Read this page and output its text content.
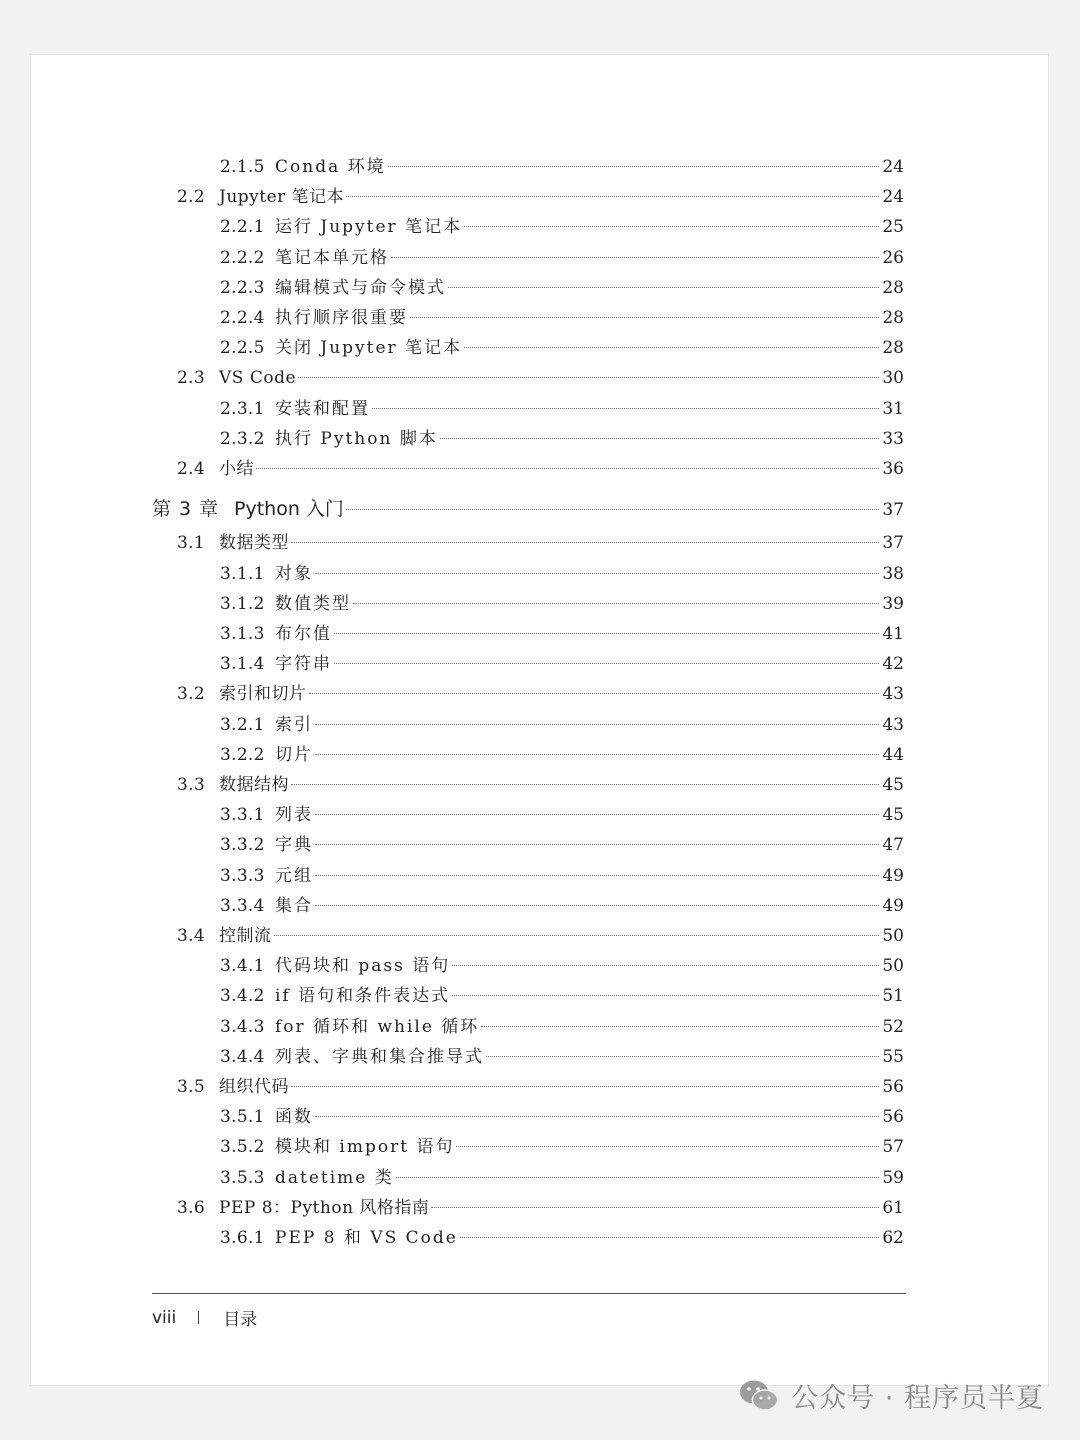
2.1.5 Conda 环境	24
2.2 Jupyter 笔记本	24
2.2.1 运行 Jupyter 笔记本	25
2.2.2 笔记本单元格	26
2.2.3 编辑模式与命令模式	28
2.2.4 执行顺序很重要	28
2.2.5 关闭 Jupyter 笔记本	28
2.3 VS Code	30
2.3.1 安装和配置	31
2.3.2 执行 Python 脚本	33
2.4 小结	36
第 3 章 Python 入门	37
3.1 数据类型	37
3.1.1 对象	38
3.1.2 数值类型	39
3.1.3 布尔值	41
3.1.4 字符串	42
3.2 索引和切片	43
3.2.1 索引	43
3.2.2 切片	44
3.3 数据结构	45
3.3.1 列表	45
3.3.2 字典	47
3.3.3 元组	49
3.3.4 集合	49
3.4 控制流	50
3.4.1 代码块和 pass 语句	50
3.4.2 if 语句和条件表达式	51
3.4.3 for 循环和 while 循环	52
3.4.4 列表、字典和集合推导式	55
3.5 组织代码	56
3.5.1 函数	56
3.5.2 模块和 import 语句	57
3.5.3 datetime 类	59
3.6 PEP 8：Python 风格指南	61
3.6.1 PEP 8 和 VS Code	62
viii	目录
公众号 · 程序员半夏
